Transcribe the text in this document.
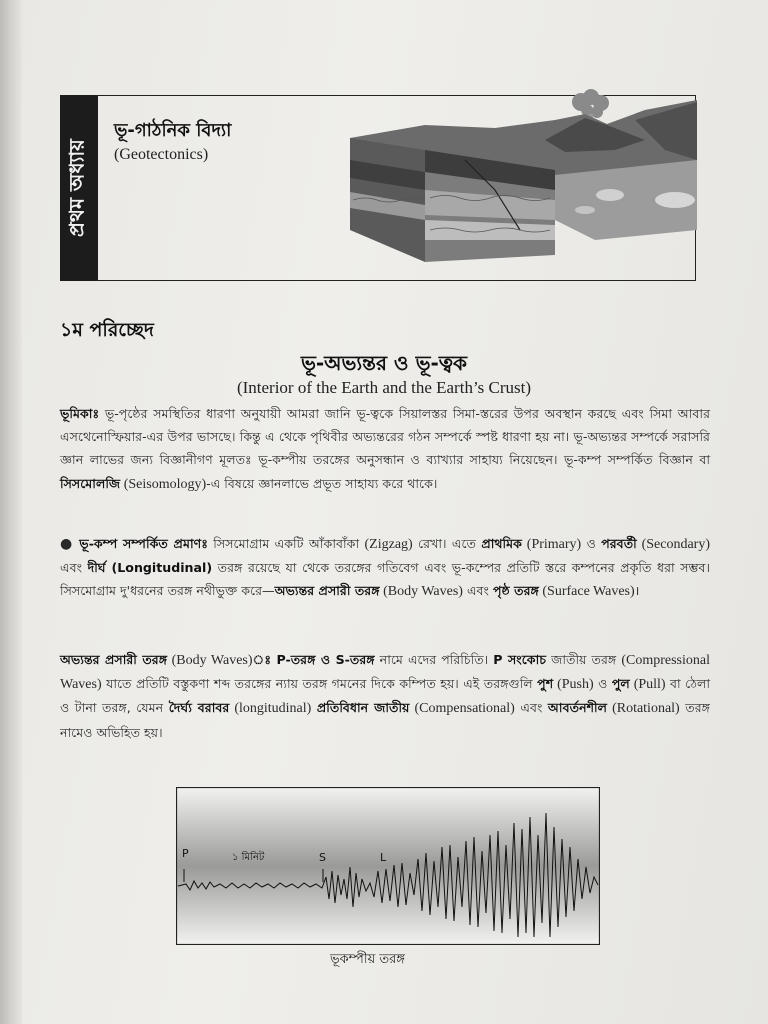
প্রথম অধ্যায়
ভূ-গাঠনিক বিদ্যা
(Geotectonics)
১ম পরিচ্ছেদ
ভূ-অভ্যন্তর ও ভূ-ত্বক
(Interior of the Earth and the Earth’s Crust)
ভূমিকাঃ ভূ-পৃষ্ঠের সমস্থিতির ধারণা অনুযায়ী আমরা জানি ভূ-ত্বকে সিয়ালস্তর সিমা-স্তরের উপর অবস্থান করছে এবং সিমা আবার এসথেনোস্ফিয়ার-এর উপর ভাসছে। কিন্তু এ থেকে পৃথিবীর অভ্যন্তরের গঠন সম্পর্কে স্পষ্ট ধারণা হয় না। ভূ-অভ্যন্তর সম্পর্কে সরাসরি জ্ঞান লাভের জন্য বিজ্ঞানীগণ মূলতঃ ভূ-কম্পীয় তরঙ্গের অনুসন্ধান ও ব্যাখ্যার সাহায্য নিয়েছেন। ভূ-কম্প সম্পর্কিত বিজ্ঞান বা সিসমোলজি (Seisomology)-এ বিষয়ে জ্ঞানলাভে প্রভূত সাহায্য করে থাকে।
● ভূ-কম্প সম্পর্কিত প্রমাণঃ সিসমোগ্রাম একটি আঁকাবাঁকা (Zigzag) রেখা। এতে প্রাথমিক (Primary) ও পরবর্তী (Secondary) এবং দীর্ঘ (Longitudinal) তরঙ্গ রয়েছে যা থেকে তরঙ্গের গতিবেগ এবং ভূ-কম্পের প্রতিটি স্তরে কম্পনের প্রকৃতি ধরা সম্ভব। সিসমোগ্রাম দু'ধরনের তরঙ্গ নথীভুক্ত করে—অভ্যন্তর প্রসারী তরঙ্গ (Body Waves) এবং পৃষ্ঠ তরঙ্গ (Surface Waves)।
অভ্যন্তর প্রসারী তরঙ্গ (Body Waves)ঃ P-তরঙ্গ ও S-তরঙ্গ নামে এদের পরিচিতি। P সংকোচ জাতীয় তরঙ্গ (Compressional Waves) যাতে প্রতিটি বস্তুকণা শব্দ তরঙ্গের ন্যায় তরঙ্গ গমনের দিকে কম্পিত হয়। এই তরঙ্গগুলি পুশ (Push) ও পুল (Pull) বা ঠেলা ও টানা তরঙ্গ, যেমন দৈর্ঘ্য বরাবর (longitudinal) প্রতিবিধান জাতীয় (Compensational) এবং আবর্তনশীল (Rotational) তরঙ্গ নামেও অভিহিত হয়।
P	১ মিনিট	S	L
ভূকম্পীয় তরঙ্গ
